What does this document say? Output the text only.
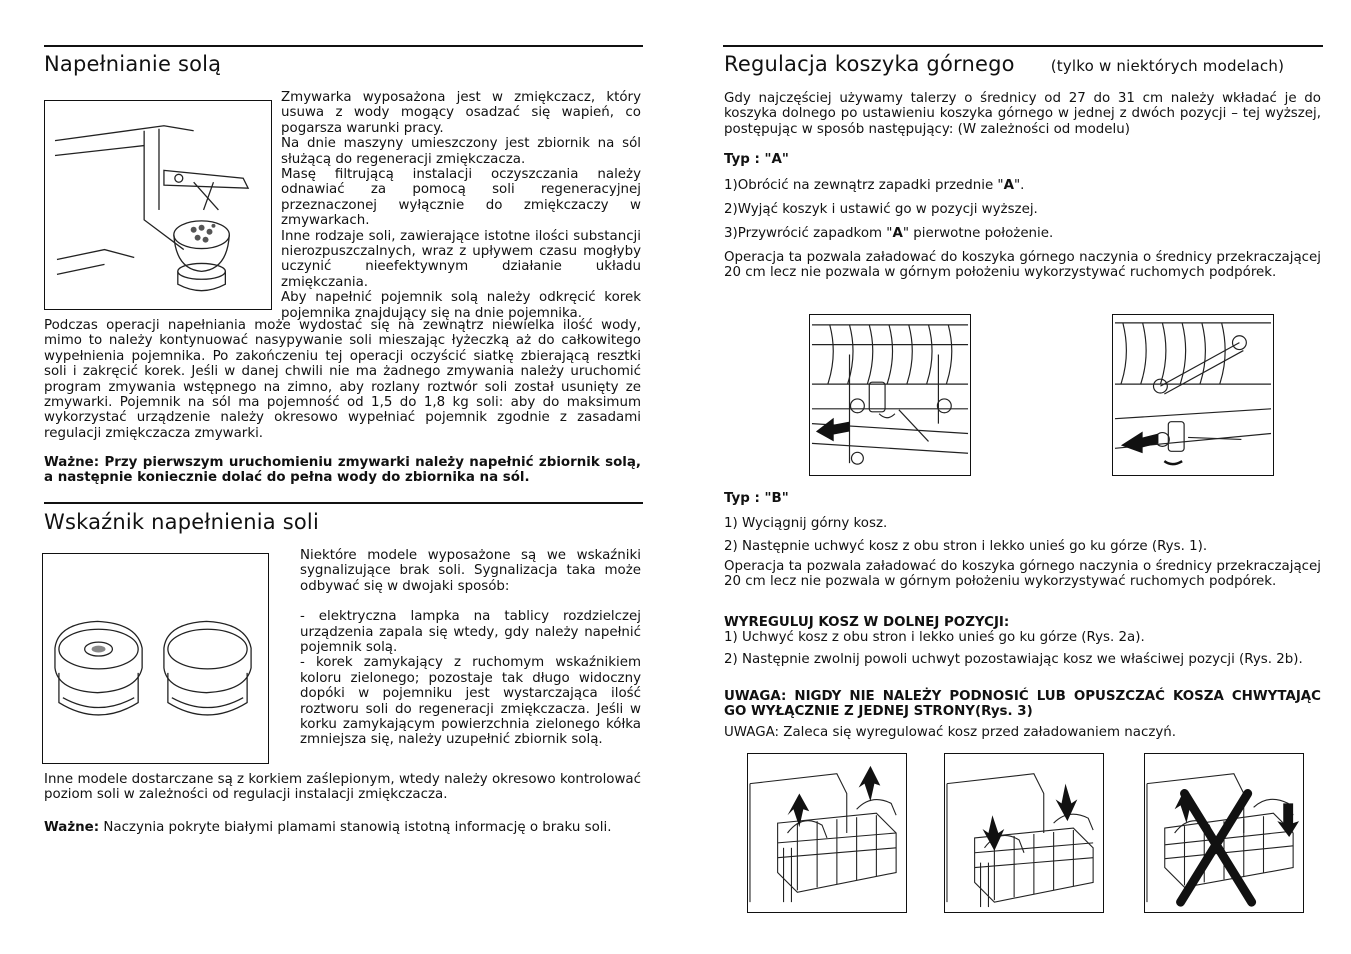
Napełnianie solą

Zmywarka wyposażona jest w zmiękczacz, który usuwa z wody mogący osadzać się wapień, co pogarsza warunki pracy.

Na dnie maszyny umieszczony jest zbiornik na sól służącą do regeneracji zmiękczacza.

Masę filtrującą instalacji oczyszczania należy odnawiać za pomocą soli regeneracyjnej przeznaczonej wyłącznie do zmiękczaczy w zmywarkach.

Inne rodzaje soli, zawierające istotne ilości substancji nierozpuszczalnych, wraz z upływem czasu mogłyby uczynić nieefektywnym działanie układu zmiękczania.

Aby napełnić pojemnik solą należy odkręcić korek pojemnika znajdujący się na dnie pojemnika.

Podczas operacji napełniania może wydostać się na zewnątrz niewielka ilość wody, mimo to należy kontynuować nasypywanie soli mieszając łyżeczką aż do całkowitego wypełnienia pojemnika. Po zakończeniu tej operacji oczyścić siatkę zbierającą resztki soli i zakręcić korek. Jeśli w danej chwili nie ma żadnego zmywania należy uruchomić program zmywania wstępnego na zimno, aby rozlany roztwór soli został usunięty ze zmywarki. Pojemnik na sól ma pojemność od 1,5 do 1,8 kg soli: aby do maksimum wykorzystać urządzenie należy okresowo wypełniać pojemnik zgodnie z zasadami regulacji zmiękczacza zmywarki.
Ważne: Przy pierwszym uruchomieniu zmywarki należy napełnić zbiornik solą, a następnie koniecznie dolać do pełna wody do zbiornika na sól.
Wskaźnik napełnienia soli

Niektóre modele wyposażone są we wskaźniki sygnalizujące brak soli. Sygnalizacja taka może odbywać się w dwojaki sposób:

- elektryczna lampka na tablicy rozdzielczej urządzenia zapala się wtedy, gdy należy napełnić pojemnik solą.

- korek zamykający z ruchomym wskaźnikiem koloru zielonego; pozostaje tak długo widoczny dopóki w pojemniku jest wystarczająca ilość roztworu soli do regeneracji zmiękczacza. Jeśli w korku zamykającym powierzchnia zielonego kółka zmniejsza się, należy uzupełnić zbiornik solą.

Inne modele dostarczane są z korkiem zaślepionym, wtedy należy okresowo kontrolować poziom soli w zależności od regulacji instalacji zmiękczacza.
Ważne: Naczynia pokryte białymi plamami stanowią istotną informację o braku soli.
Regulacja koszyka górnego (tylko w niektórych modelach)
Gdy najczęściej używamy talerzy o średnicy od 27 do 31 cm należy wkładać je do koszyka dolnego po ustawieniu koszyka górnego w jednej z dwóch pozycji – tej wyższej, postępując w sposób następujący: (W zależności od modelu)
Typ : "A"

1)Obrócić na zewnątrz zapadki przednie "A".

2)Wyjąć koszyk i ustawić go w pozycji wyższej.

3)Przywrócić zapadkom "A" pierwotne położenie.

Operacja ta pozwala załadować do koszyka górnego naczynia o średnicy przekraczającej 20 cm lecz nie pozwala w górnym położeniu wykorzystywać ruchomych podpórek.
Typ : "B"

1) Wyciągnij górny kosz.

2) Następnie uchwyć kosz z obu stron i lekko unieś go ku górze (Rys. 1).

Operacja ta pozwala załadować do koszyka górnego naczynia o średnicy przekraczającej 20 cm lecz nie pozwala w górnym położeniu wykorzystywać ruchomych podpórek.
WYREGULUJ KOSZ W DOLNEJ POZYCJI:
1) Uchwyć kosz z obu stron i lekko unieś go ku górze (Rys. 2a).
2) Następnie zwolnij powoli uchwyt pozostawiając kosz we właściwej pozycji (Rys. 2b).
UWAGA: NIGDY NIE NALEŻY PODNOSIĆ LUB OPUSZCZAĆ KOSZA CHWYTAJĄC GO WYŁĄCZNIE Z JEDNEJ STRONY(Rys. 3)
UWAGA: Zaleca się wyregulować kosz przed załadowaniem naczyń.
